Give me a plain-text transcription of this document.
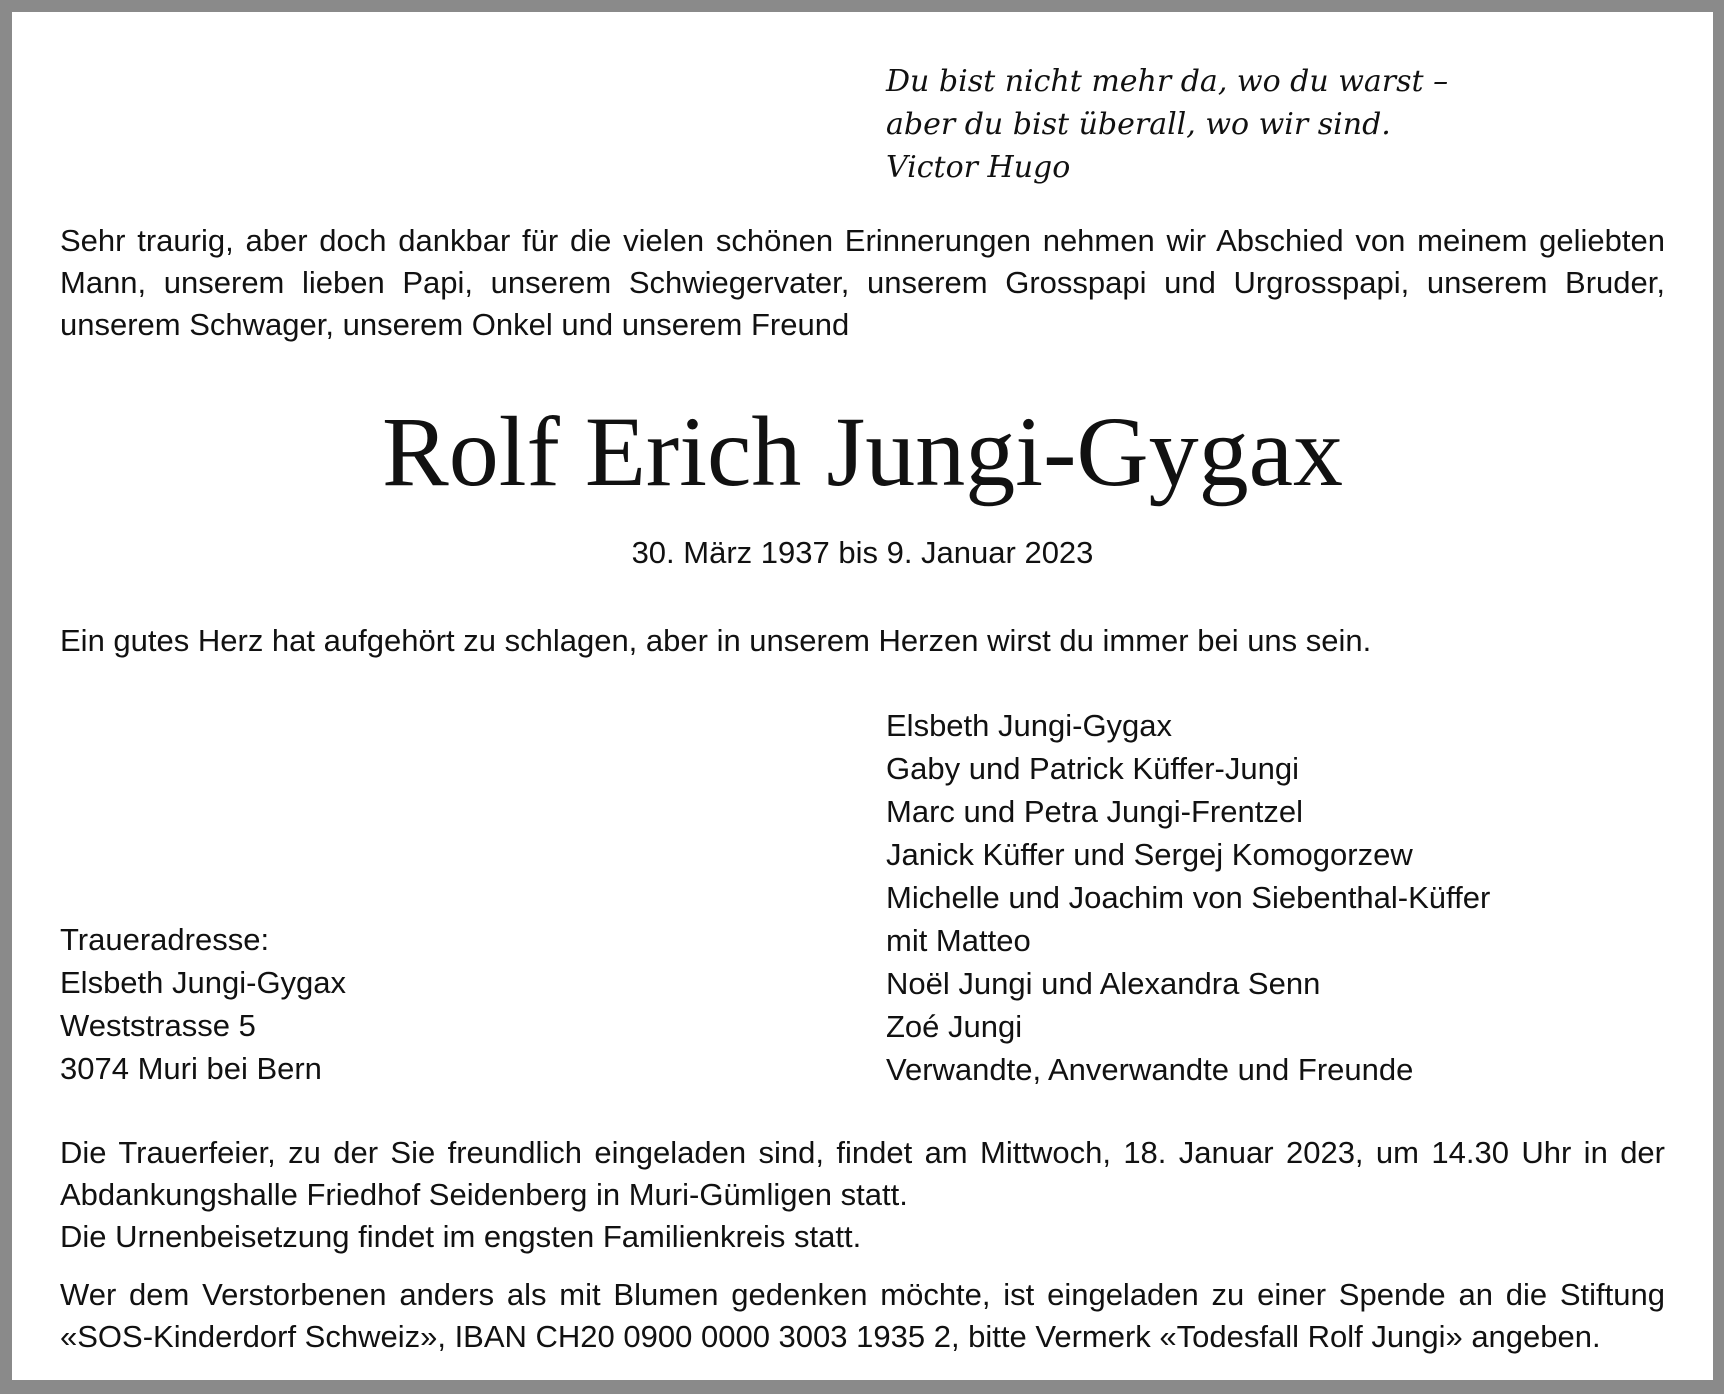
Du bist nicht mehr da, wo du warst –
aber du bist überall, wo wir sind.
Victor Hugo
Sehr traurig, aber doch dankbar für die vielen schönen Erinnerungen nehmen wir Abschied von meinem geliebten Mann, unserem lieben Papi, unserem Schwiegervater, unserem Grosspapi und Urgrosspapi, unserem Bruder, unserem Schwager, unserem Onkel und unserem Freund
Rolf Erich Jungi-Gygax
30. März 1937 bis 9. Januar 2023
Ein gutes Herz hat aufgehört zu schlagen, aber in unserem Herzen wirst du immer bei uns sein.
Elsbeth Jungi-Gygax
Gaby und Patrick Küffer-Jungi
Marc und Petra Jungi-Frentzel
Janick Küffer und Sergej Komogorzew
Michelle und Joachim von Siebenthal-Küffer
mit Matteo
Noël Jungi und Alexandra Senn
Zoé Jungi
Verwandte, Anverwandte und Freunde
Traueradresse:
Elsbeth Jungi-Gygax
Weststrasse 5
3074 Muri bei Bern
Die Trauerfeier, zu der Sie freundlich eingeladen sind, findet am Mittwoch, 18. Januar 2023, um 14.30 Uhr in der
Abdankungshalle Friedhof Seidenberg in Muri-Gümligen statt.
Die Urnenbeisetzung findet im engsten Familienkreis statt.
Wer dem Verstorbenen anders als mit Blumen gedenken möchte, ist eingeladen zu einer Spende an die Stiftung
«SOS-Kinderdorf Schweiz», IBAN CH20 0900 0000 3003 1935 2, bitte Vermerk «Todesfall Rolf Jungi» angeben.
